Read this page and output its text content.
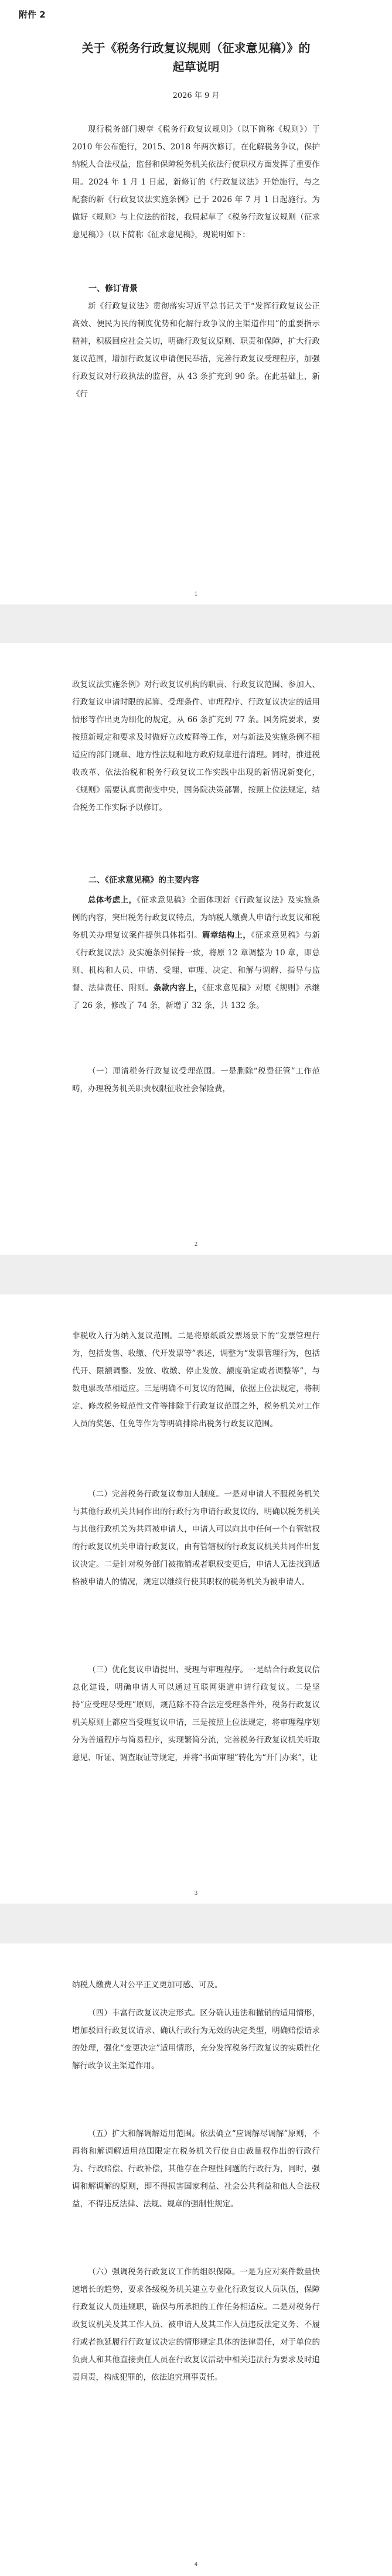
附件 2
关于《税务行政复议规则（征求意见稿）》的
起草说明
2026 年 9 月

现行税务部门规章《税务行政复议规则》（以下简称《规则》）于 2010 年公布施行，2015、2018 年两次修订，在化解税务争议，保护纳税人合法权益，监督和保障税务机关依法行使职权方面发挥了重要作用。2024 年 1 月 1 日起，新修订的《行政复议法》开始施行，与之配套的新《行政复议法实施条例》已于 2026 年 7 月 1 日起施行。为做好《规则》与上位法的衔接，我局起草了《税务行政复议规则（征求意见稿）》（以下简称《征求意见稿》，现说明如下：

一、修订背景

新《行政复议法》贯彻落实习近平总书记关于“发挥行政复议公正高效、便民为民的制度优势和化解行政争议的主渠道作用”的重要指示精神，积极回应社会关切，明确行政复议原则、职责和保障，扩大行政复议范围，增加行政复议申请便民举措，完善行政复议受理程序，加强行政复议对行政执法的监督，从 43 条扩充到 90 条。在此基础上，新《行

1

政复议法实施条例》对行政复议机构的职责、行政复议范围、参加人、行政复议申请时限的起算、受理条件、审理程序、行政复议决定的适用情形等作出更为细化的规定，从 66 条扩充到 77 条。国务院要求，要按照新规定和要求及时做好立改废释等工作，对与新法及实施条例不相适应的部门规章、地方性法规和地方政府规章进行清理。同时，推进税收改革、依法治税和税务行政复议工作实践中出现的新情况新变化，《规则》需要认真贯彻变中央，国务院决策部署，按照上位法规定，结合税务工作实际予以修订。

二、《征求意见稿》的主要内容

总体考虑上，《征求意见稿》全面体现新《行政复议法》及实施条例的内容，突出税务行政复议特点，为纳税人缴费人申请行政复议和税务机关办理复议案件提供具体指引。篇章结构上，《征求意见稿》与新《行政复议法》及实施条例保持一致，将原 12 章调整为 10 章，即总则、机构和人员、申请、受理、审理、决定、和解与调解、指导与监督、法律责任、附则。条款内容上，《征求意见稿》对原《规则》承继了 26 条，修改了 74 条，新增了 32 条，共 132 条。

（一）厘清税务行政复议受理范围。一是删除“税费征管”工作范畴，办理税务机关职责权限征收社会保险费，

2

非税收入行为纳入复议范围。二是将原纸质发票场景下的“发票管理行为，包括发售、收缴、代开发票等”表述，调整为“发票管理行为，包括代开、限额调整、发放、收缴、停止发放、额度确定或者调整等”，与数电票改革相适应。三是明确不可复议的范围，依据上位法规定，将制定、修改税务规范性文件等排除于行政复议范围之外，税务机关对工作人员的奖惩、任免等作为等明确排除出税务行政复议范围。

（二）完善税务行政复议参加人制度。一是对申请人不服税务机关与其他行政机关共同作出的行政行为申请行政复议的，明确以税务机关与其他行政机关为共同被申请人，申请人可以向其中任何一个有管辖权的行政复议机关申请行政复议，由有管辖权的行政复议机关共同作出复议决定。二是针对税务部门被撤销或者职权变更后，申请人无法找到适格被申请人的情况，规定以继续行使其职权的税务机关为被申请人。

（三）优化复议申请提出、受理与审理程序。一是结合行政复议信息化建设，明确申请人可以通过互联网渠道申请行政复议。二是坚持“应受理尽受理”原则，规范除不符合法定受理条件外，税务行政复议机关原则上都应当受理复议申请，三是按照上位法规定，将审理程序划分为普通程序与简易程序，实现繁简分流，完善税务行政复议机关听取意见、听证、调查取证等规定，并将“书面审理”转化为“开门办案”，让

3

纳税人缴费人对公平正义更加可感、可及。

（四）丰富行政复议决定形式。区分确认违法和撤销的适用情形，增加驳回行政复议请求、确认行政行为无效的决定类型，明确赔偿请求的处理，强化“变更决定”适用情形，充分发挥税务行政复议的实质性化解行政争议主渠道作用。

（五）扩大和解调解适用范围。依法确立“应调解尽调解”原则，不再将和解调解适用范围限定在税务机关行使自由裁量权作出的行政行为、行政赔偿、行政补偿，其他存在合理性问题的行政行为，同时，强调和解调解的原则，即不得损害国家利益、社会公共利益和他人合法权益，不得违反法律、法规、规章的强制性规定。

（六）强调税务行政复议工作的组织保障。一是为应对案件数量快速增长的趋势，要求各级税务机关建立专业化行政复议人员队伍，保障行政复议人员违规职，确保与所承担的工作任务相适应。二是对税务行政复议机关及其工作人员、被申请人及其工作人员违反法定义务、不履行或者拖延履行行政复议决定的情形规定具体的法律责任，对于单位的负责人和其他直接责任人员在行政复议活动中相关违法行为要求及时追责问责，构成犯罪的，依法追究刑事责任。

4
